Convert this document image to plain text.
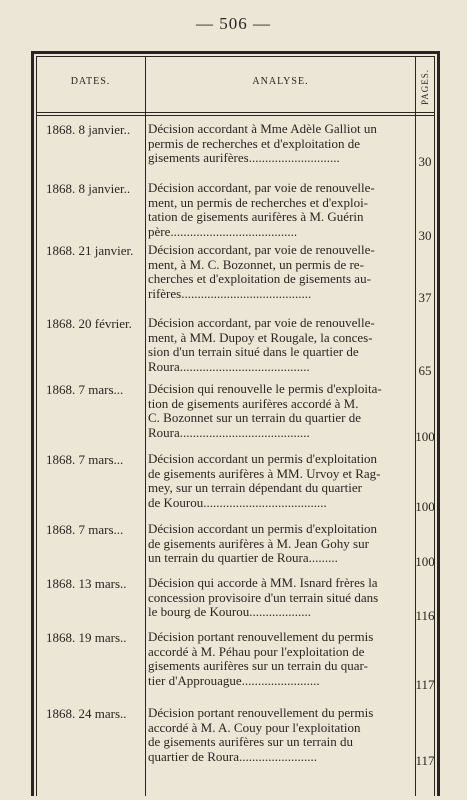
— 506 —
DATES.	ANALYSE.	PAGES.
1868. 8 janvier..	Décision accordant à Mme Adèle Galliot un
permis de recherches et d'exploitation de
gisements aurifères............................	30
1868. 8 janvier..	Décision accordant, par voie de renouvelle-
ment, un permis de recherches et d'exploi-
tation de gisements aurifères à M. Guérin
père.......................................	30
1868. 21 janvier.	Décision accordant, par voie de renouvelle-
ment, à M. C. Bozonnet, un permis de re-
cherches et d'exploitation de gisements au-
rifères........................................	37
1868. 20 février.	Décision accordant, par voie de renouvelle-
ment, à MM. Dupoy et Rougale, la conces-
sion d'un terrain situé dans le quartier de
Roura........................................	65
1868. 7 mars...	Décision qui renouvelle le permis d'exploita-
tion de gisements aurifères accordé à M.
C. Bozonnet sur un terrain du quartier de
Roura........................................	100
1868. 7 mars...	Décision accordant un permis d'exploitation
de gisements aurifères à MM. Urvoy et Rag-
mey, sur un terrain dépendant du quartier
de Kourou......................................	100
1868. 7 mars...	Décision accordant un permis d'exploitation
de gisements aurifères à M. Jean Gohy sur
un terrain du quartier de Roura.........	100
1868. 13 mars..	Décision qui accorde à MM. Isnard frères la
concession provisoire d'un terrain situé dans
le bourg de Kourou...................	116
1868. 19 mars..	Décision portant renouvellement du permis
accordé à M. Péhau pour l'exploitation de
gisements aurifères sur un terrain du quar-
tier d'Approuague........................	117
1868. 24 mars..	Décision portant renouvellement du permis
accordé à M. A. Couy pour l'exploitation
de gisements aurifères sur un terrain du
quartier de Roura........................	117
